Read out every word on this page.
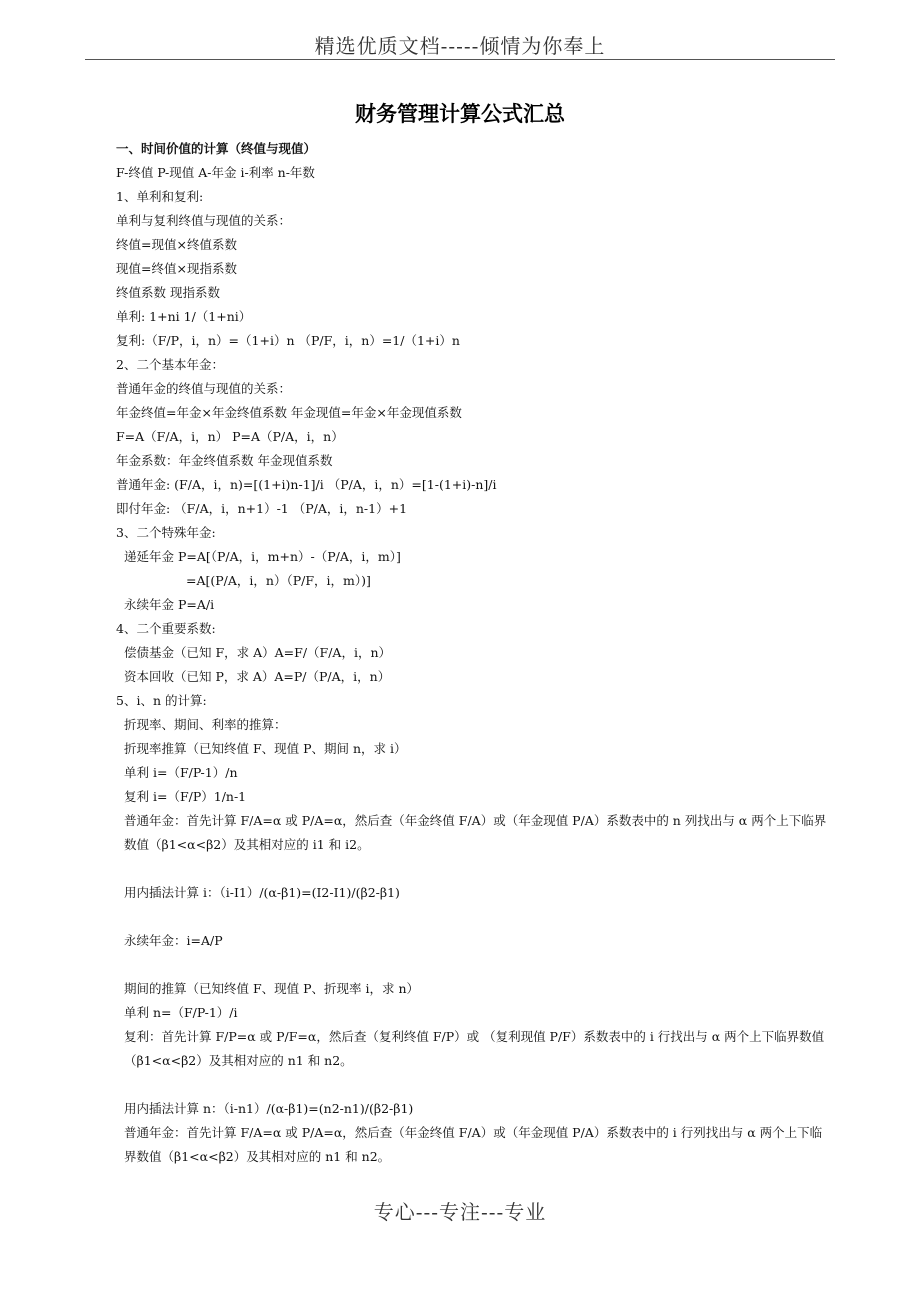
精选优质文档-----倾情为你奉上
财务管理计算公式汇总
一、时间价值的计算（终值与现值）
F-终值 P-现值 A-年金 i-利率 n-年数
1、单利和复利:
单利与复利终值与现值的关系：
终值=现值×终值系数
现值=终值×现指系数
终值系数 现指系数
单利: 1+ni 1/（1+ni）
复利:（F/P，i，n）=（1+i）n （P/F，i，n）=1/（1+i）n
2、二个基本年金：
普通年金的终值与现值的关系：
年金终值=年金×年金终值系数 年金现值=年金×年金现值系数
F=A（F/A，i，n） P=A（P/A，i，n）
年金系数：年金终值系数 年金现值系数
普通年金: (F/A，i，n)=[(1+i)n-1]/i （P/A，i，n）=[1-(1+i)-n]/i
即付年金: （F/A，i，n+1）-1 （P/A，i，n-1）+1
3、二个特殊年金:
递延年金 P=A[（P/A，i，m+n）-（P/A，i，m）]
=A[(P/A，i，n）（P/F，i，m）)]
永续年金 P=A/i
4、二个重要系数:
偿债基金（已知 F，求 A）A=F/（F/A，i，n）
资本回收（已知 P，求 A）A=P/（P/A，i，n）
5、i、n 的计算:
折现率、期间、利率的推算：
折现率推算（已知终值 F、现值 P、期间 n，求 i）
单利 i=（F/P-1）/n
复利 i=（F/P）1/n-1
普通年金：首先计算 F/A=α 或 P/A=α，然后查（年金终值 F/A）或（年金现值 P/A）系数表中的 n 列找出与 α 两个上下临界数值（β1<α<β2）及其相对应的 i1 和 i2。
用内插法计算 i：（i-I1）/(α-β1)=(I2-I1)/(β2-β1)
永续年金：i=A/P
期间的推算（已知终值 F、现值 P、折现率 i，求 n）
单利 n=（F/P-1）/i
复利：首先计算 F/P=α 或 P/F=α，然后查（复利终值 F/P）或 （复利现值 P/F）系数表中的 i 行找出与 α 两个上下临界数值（β1<α<β2）及其相对应的 n1 和 n2。
用内插法计算 n：（i-n1）/(α-β1)=(n2-n1)/(β2-β1)
普通年金：首先计算 F/A=α 或 P/A=α，然后查（年金终值 F/A）或（年金现值 P/A）系数表中的 i 行列找出与 α 两个上下临界数值（β1<α<β2）及其相对应的 n1 和 n2。
专心---专注---专业
